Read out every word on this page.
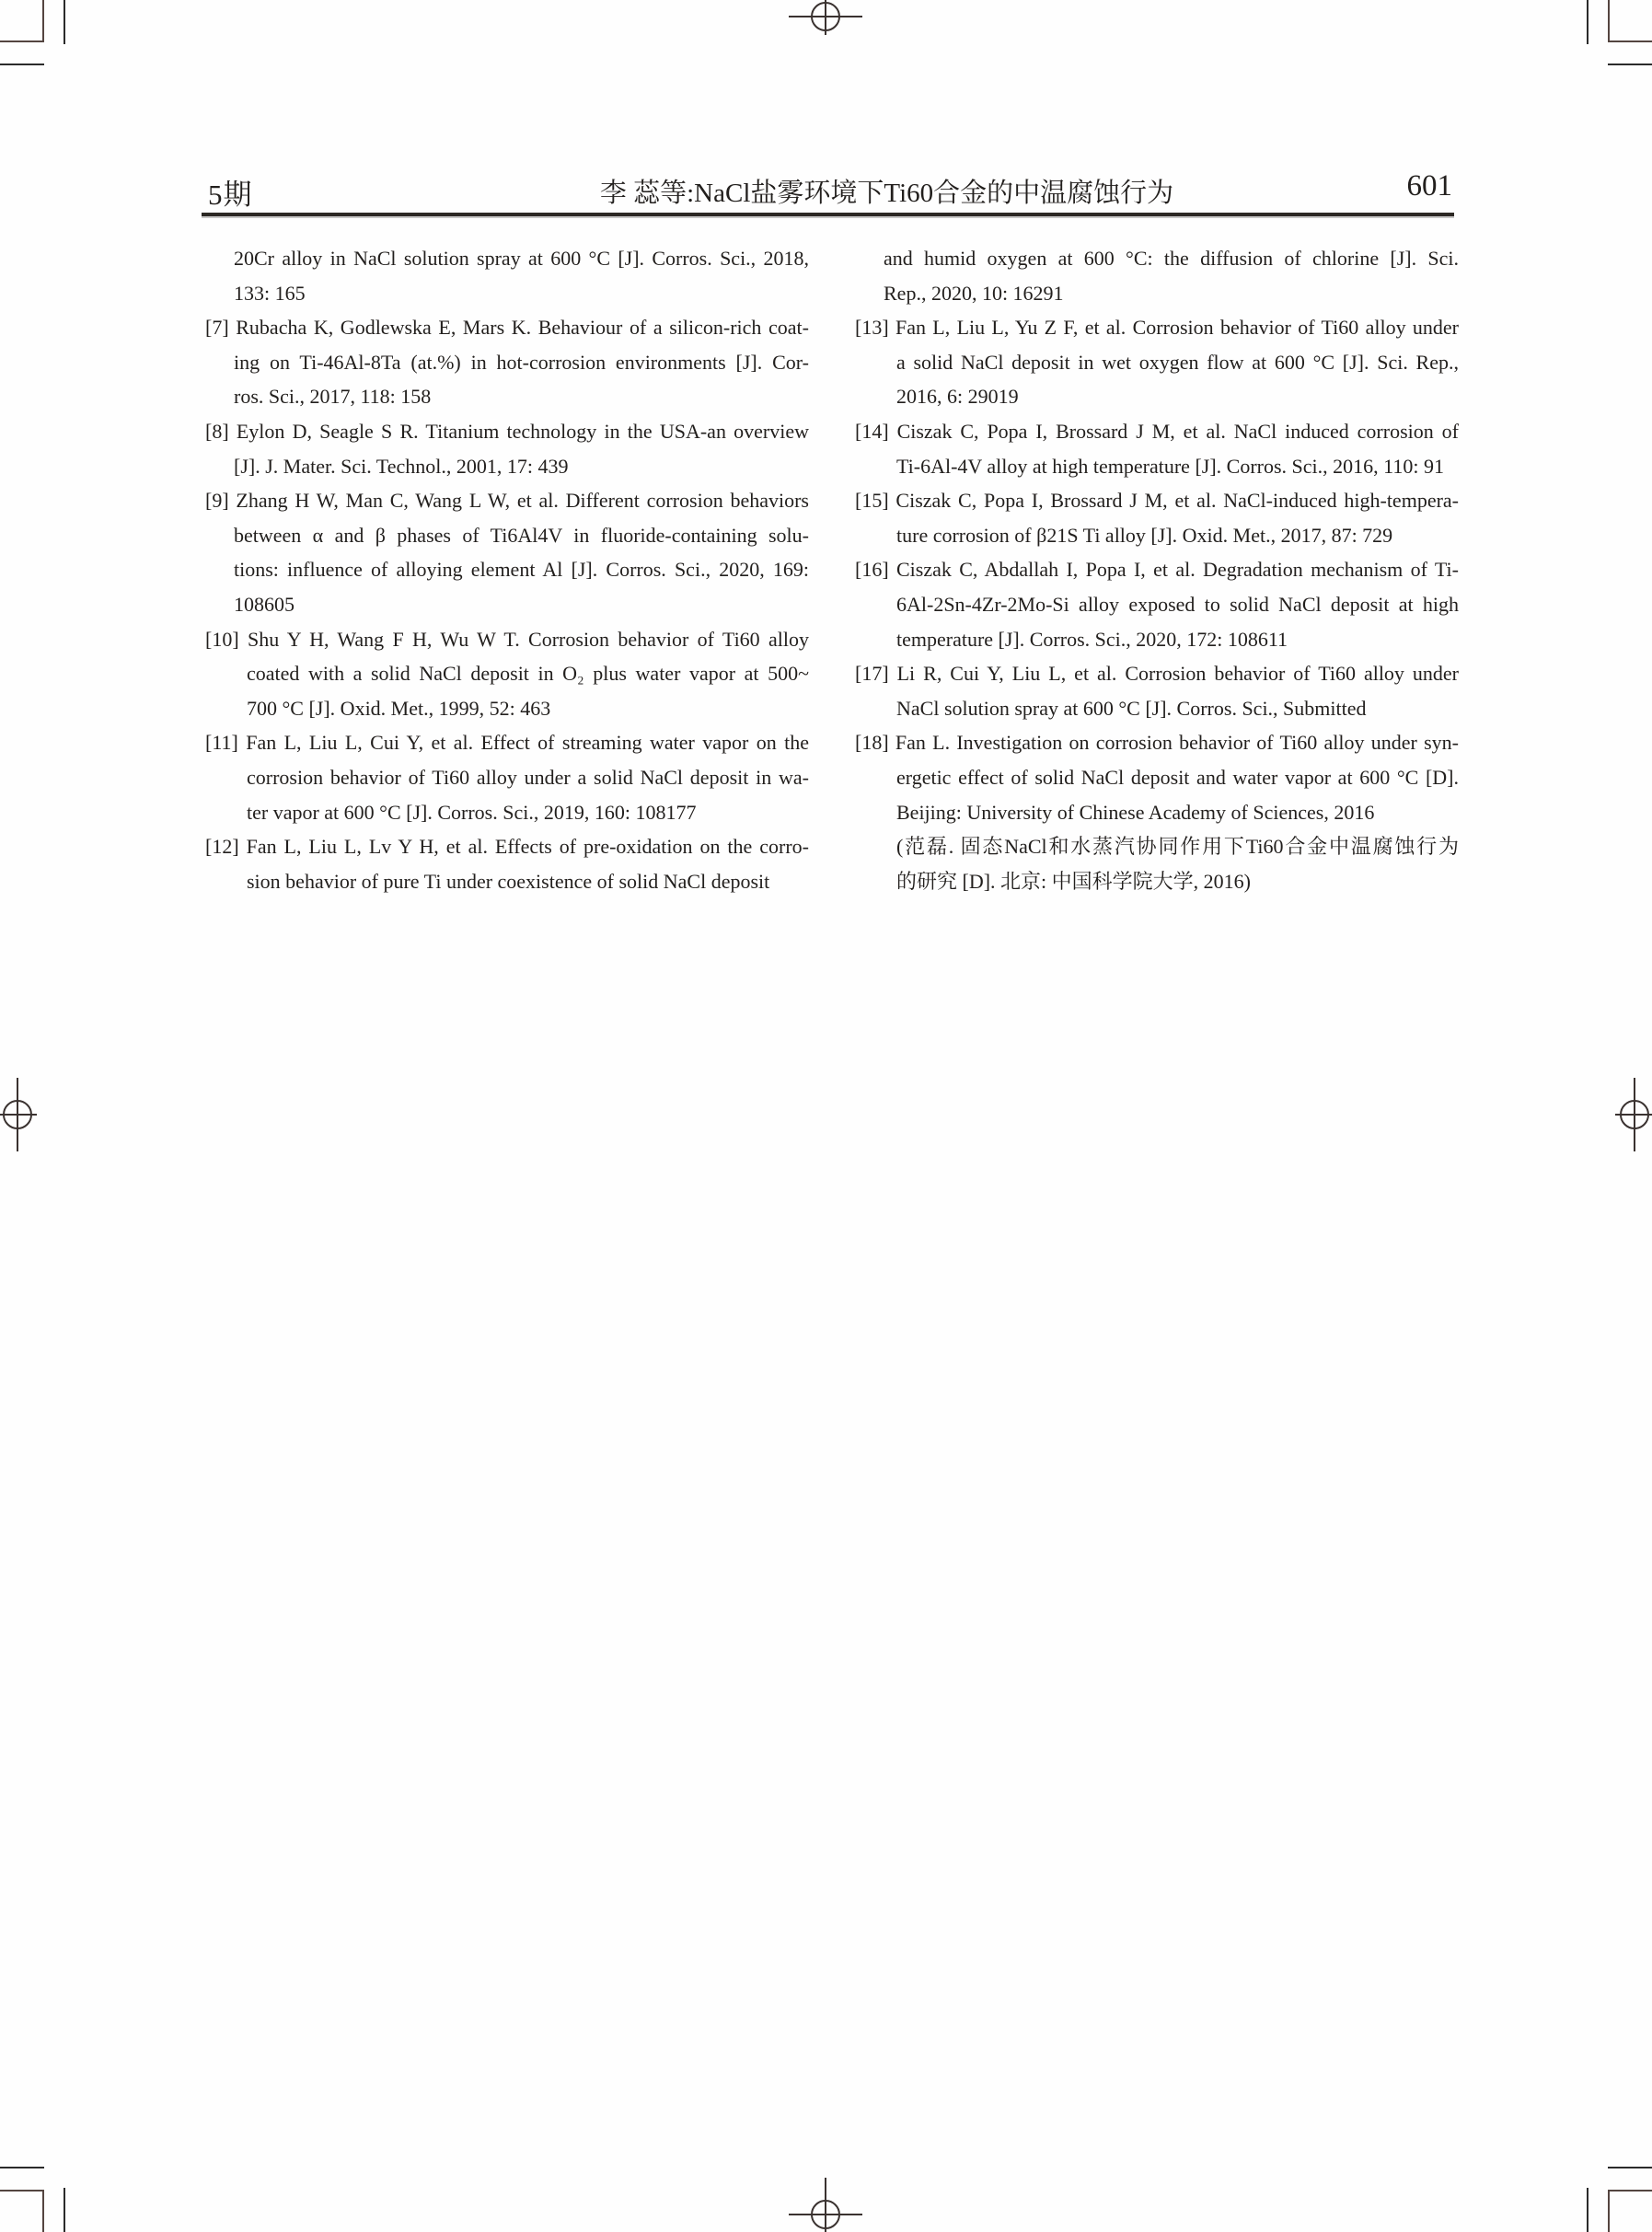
5期	李 蕊等:NaCl盐雾环境下Ti60合金的中温腐蚀行为	601
20Cr alloy in NaCl solution spray at 600 °C [J]. Corros. Sci., 2018,
133: 165
[7] Rubacha K, Godlewska E, Mars K. Behaviour of a silicon-rich coat-
ing on Ti-46Al-8Ta (at.%) in hot-corrosion environments [J]. Cor-
ros. Sci., 2017, 118: 158
[8] Eylon D, Seagle S R. Titanium technology in the USA-an overview
[J]. J. Mater. Sci. Technol., 2001, 17: 439
[9] Zhang H W, Man C, Wang L W, et al. Different corrosion behaviors
between α and β phases of Ti6Al4V in fluoride-containing solu-
tions: influence of alloying element Al [J]. Corros. Sci., 2020, 169:
108605
[10] Shu Y H, Wang F H, Wu W T. Corrosion behavior of Ti60 alloy
coated with a solid NaCl deposit in O₂ plus water vapor at 500~
700 °C [J]. Oxid. Met., 1999, 52: 463
[11] Fan L, Liu L, Cui Y, et al. Effect of streaming water vapor on the
corrosion behavior of Ti60 alloy under a solid NaCl deposit in wa-
ter vapor at 600 °C [J]. Corros. Sci., 2019, 160: 108177
[12] Fan L, Liu L, Lv Y H, et al. Effects of pre-oxidation on the corro-
sion behavior of pure Ti under coexistence of solid NaCl deposit
and humid oxygen at 600 °C: the diffusion of chlorine [J]. Sci.
Rep., 2020, 10: 16291
[13] Fan L, Liu L, Yu Z F, et al. Corrosion behavior of Ti60 alloy under
a solid NaCl deposit in wet oxygen flow at 600 °C [J]. Sci. Rep.,
2016, 6: 29019
[14] Ciszak C, Popa I, Brossard J M, et al. NaCl induced corrosion of
Ti-6Al-4V alloy at high temperature [J]. Corros. Sci., 2016, 110: 91
[15] Ciszak C, Popa I, Brossard J M, et al. NaCl-induced high-tempera-
ture corrosion of β21S Ti alloy [J]. Oxid. Met., 2017, 87: 729
[16] Ciszak C, Abdallah I, Popa I, et al. Degradation mechanism of Ti-
6Al-2Sn-4Zr-2Mo-Si alloy exposed to solid NaCl deposit at high
temperature [J]. Corros. Sci., 2020, 172: 108611
[17] Li R, Cui Y, Liu L, et al. Corrosion behavior of Ti60 alloy under
NaCl solution spray at 600 °C [J]. Corros. Sci., Submitted
[18] Fan L. Investigation on corrosion behavior of Ti60 alloy under syn-
ergetic effect of solid NaCl deposit and water vapor at 600 °C [D].
Beijing: University of Chinese Academy of Sciences, 2016
(范磊. 固态NaCl和水蒸汽协同作用下Ti60合金中温腐蚀行为
的研究 [D]. 北京: 中国科学院大学, 2016)
